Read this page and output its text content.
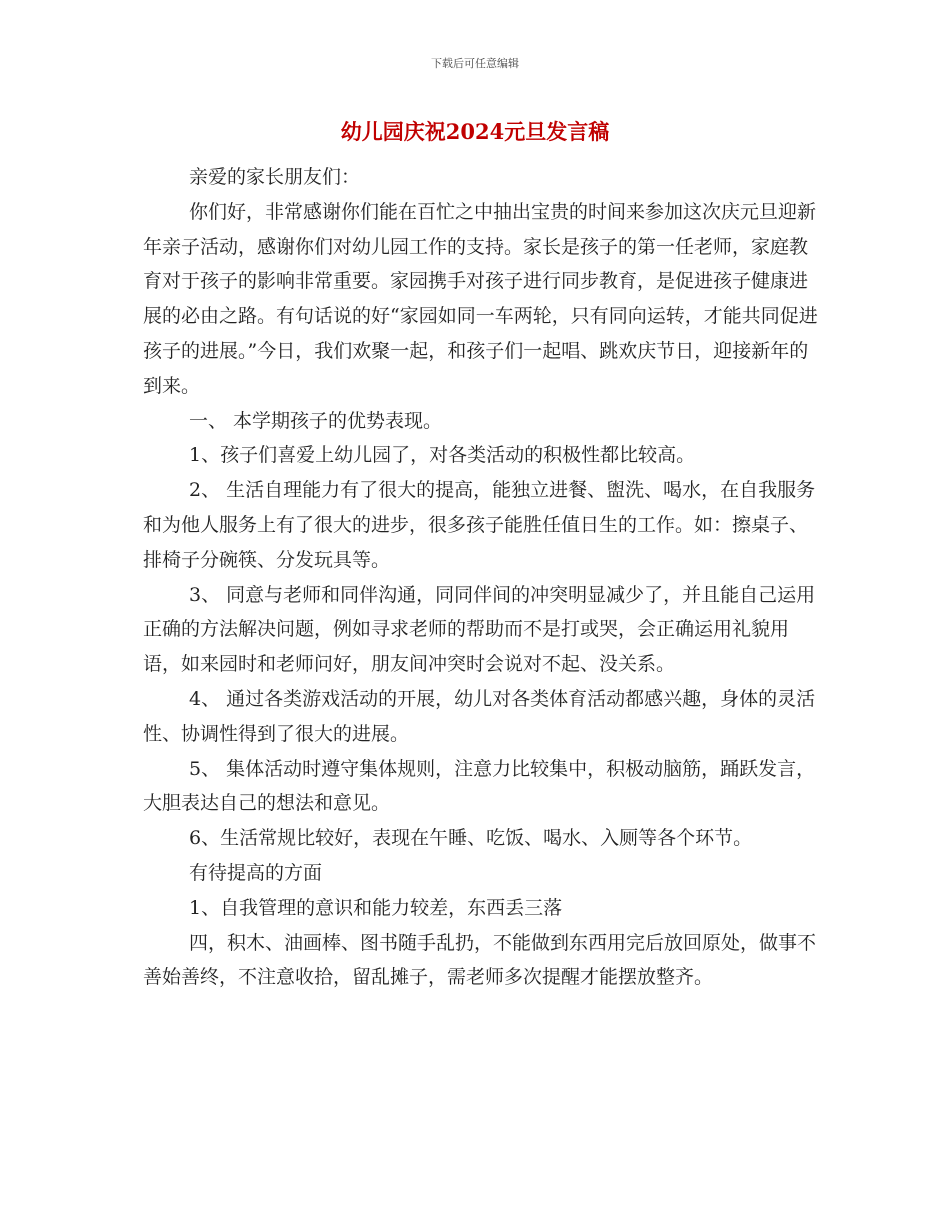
下载后可任意编辑
幼儿园庆祝2024元旦发言稿

亲爱的家长朋友们：

你们好，非常感谢你们能在百忙之中抽出宝贵的时间来参加这次庆元旦迎新年亲子活动，感谢你们对幼儿园工作的支持。家长是孩子的第一任老师，家庭教育对于孩子的影响非常重要。家园携手对孩子进行同步教育，是促进孩子健康进展的必由之路。有句话说的好“家园如同一车两轮，只有同向运转，才能共同促进孩子的进展。”今日，我们欢聚一起，和孩子们一起唱、跳欢庆节日，迎接新年的到来。

一、 本学期孩子的优势表现。

1、孩子们喜爱上幼儿园了，对各类活动的积极性都比较高。

2、 生活自理能力有了很大的提高，能独立进餐、盥洗、喝水，在自我服务和为他人服务上有了很大的进步，很多孩子能胜任值日生的工作。如：擦桌子、排椅子分碗筷、分发玩具等。

3、 同意与老师和同伴沟通，同同伴间的冲突明显减少了，并且能自己运用正确的方法解决问题，例如寻求老师的帮助而不是打或哭，会正确运用礼貌用语，如来园时和老师问好，朋友间冲突时会说对不起、没关系。

4、 通过各类游戏活动的开展，幼儿对各类体育活动都感兴趣，身体的灵活性、协调性得到了很大的进展。

5、 集体活动时遵守集体规则，注意力比较集中，积极动脑筋，踊跃发言，大胆表达自己的想法和意见。

6、生活常规比较好，表现在午睡、吃饭、喝水、入厕等各个环节。

有待提高的方面

1、自我管理的意识和能力较差，东西丢三落

四，积木、油画棒、图书随手乱扔，不能做到东西用完后放回原处，做事不善始善终，不注意收拾，留乱摊子，需老师多次提醒才能摆放整齐。
